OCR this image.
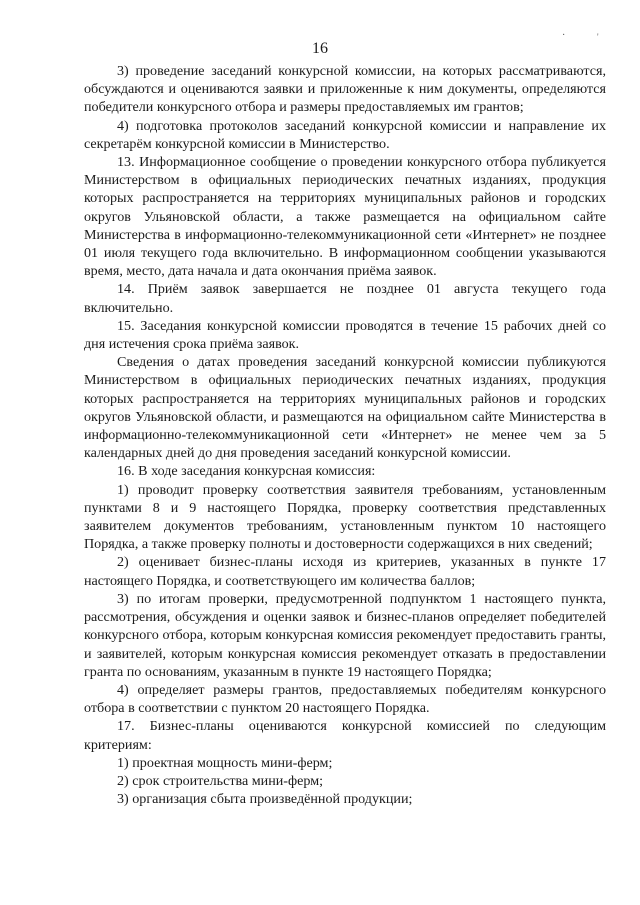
·	'
16

3) проведение заседаний конкурсной комиссии, на которых рассматриваются, обсуждаются и оцениваются заявки и приложенные к ним документы, определяются победители конкурсного отбора и размеры предоставляемых им грантов;

4) подготовка протоколов заседаний конкурсной комиссии и направление их секретарём конкурсной комиссии в Министерство.

13. Информационное сообщение о проведении конкурсного отбора публикуется Министерством в официальных периодических печатных изданиях, продукция которых распространяется на территориях муниципальных районов и городских округов Ульяновской области, а также размещается на официальном сайте Министерства в информационно-телекоммуникационной сети «Интернет» не позднее 01 июля текущего года включительно. В информационном сообщении указываются время, место, дата начала и дата окончания приёма заявок.

14. Приём заявок завершается не позднее 01 августа текущего года включительно.

15. Заседания конкурсной комиссии проводятся в течение 15 рабочих дней со дня истечения срока приёма заявок.

Сведения о датах проведения заседаний конкурсной комиссии публикуются Министерством в официальных периодических печатных изданиях, продукция которых распространяется на территориях муниципальных районов и городских округов Ульяновской области, и размещаются на официальном сайте Министерства в информационно-телекоммуникационной сети «Интернет» не менее чем за 5 календарных дней до дня проведения заседаний конкурсной комиссии.

16. В ходе заседания конкурсная комиссия:

1) проводит проверку соответствия заявителя требованиям, установленным пунктами 8 и 9 настоящего Порядка, проверку соответствия представленных заявителем документов требованиям, установленным пунктом 10 настоящего Порядка, а также проверку полноты и достоверности содержащихся в них сведений;

2) оценивает бизнес-планы исходя из критериев, указанных в пункте 17 настоящего Порядка, и соответствующего им количества баллов;

3) по итогам проверки, предусмотренной подпунктом 1 настоящего пункта, рассмотрения, обсуждения и оценки заявок и бизнес-планов определяет победителей конкурсного отбора, которым конкурсная комиссия рекомендует предоставить гранты, и заявителей, которым конкурсная комиссия рекомендует отказать в предоставлении гранта по основаниям, указанным в пункте 19 настоящего Порядка;

4) определяет размеры грантов, предоставляемых победителям конкурсного отбора в соответствии с пунктом 20 настоящего Порядка.

17. Бизнес-планы оцениваются конкурсной комиссией по следующим критериям:

1) проектная мощность мини-ферм;

2) срок строительства мини-ферм;

3) организация сбыта произведённой продукции;
